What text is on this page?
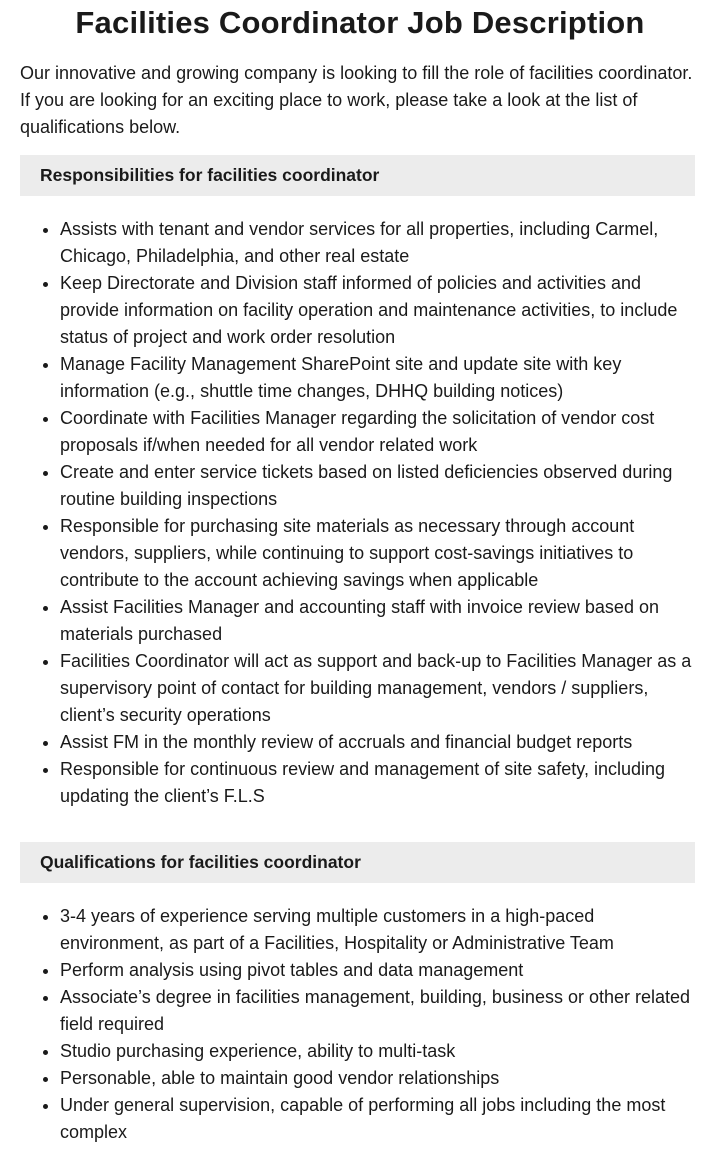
Facilities Coordinator Job Description

Our innovative and growing company is looking to fill the role of facilities coordinator. If you are looking for an exciting place to work, please take a look at the list of qualifications below.

Responsibilities for facilities coordinator
• Assists with tenant and vendor services for all properties, including Carmel, Chicago, Philadelphia, and other real estate
• Keep Directorate and Division staff informed of policies and activities and provide information on facility operation and maintenance activities, to include status of project and work order resolution
• Manage Facility Management SharePoint site and update site with key information (e.g., shuttle time changes, DHHQ building notices)
• Coordinate with Facilities Manager regarding the solicitation of vendor cost proposals if/when needed for all vendor related work
• Create and enter service tickets based on listed deficiencies observed during routine building inspections
• Responsible for purchasing site materials as necessary through account vendors, suppliers, while continuing to support cost-savings initiatives to contribute to the account achieving savings when applicable
• Assist Facilities Manager and accounting staff with invoice review based on materials purchased
• Facilities Coordinator will act as support and back-up to Facilities Manager as a supervisory point of contact for building management, vendors / suppliers, client’s security operations
• Assist FM in the monthly review of accruals and financial budget reports
• Responsible for continuous review and management of site safety, including updating the client’s F.L.S
Qualifications for facilities coordinator
• 3-4 years of experience serving multiple customers in a high-paced environment, as part of a Facilities, Hospitality or Administrative Team
• Perform analysis using pivot tables and data management
• Associate’s degree in facilities management, building, business or other related field required
• Studio purchasing experience, ability to multi-task
• Personable, able to maintain good vendor relationships
• Under general supervision, capable of performing all jobs including the most complex
